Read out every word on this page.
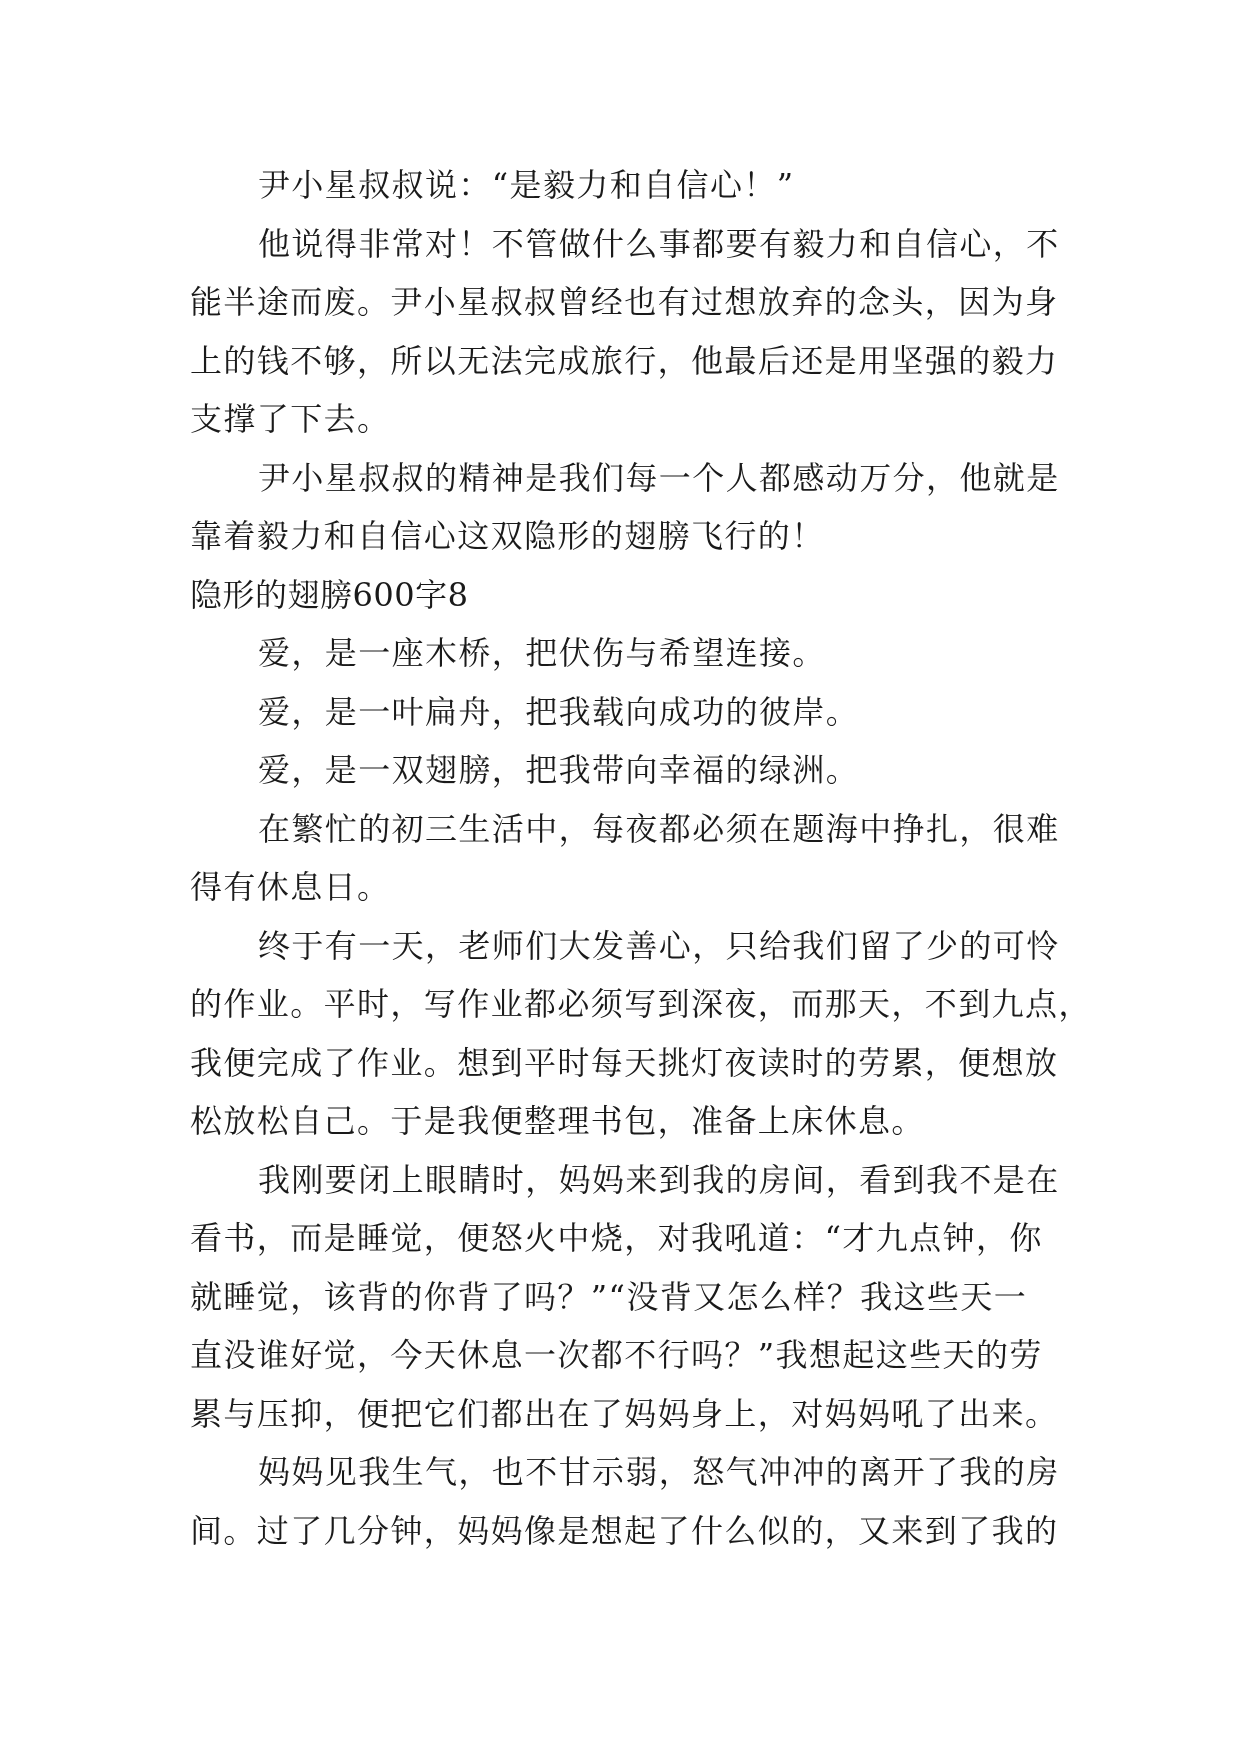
尹小星叔叔说：“是毅力和自信心！”
他说得非常对！不管做什么事都要有毅力和自信心，不
能半途而废。尹小星叔叔曾经也有过想放弃的念头，因为身
上的钱不够，所以无法完成旅行，他最后还是用坚强的毅力
支撑了下去。
尹小星叔叔的精神是我们每一个人都感动万分，他就是
靠着毅力和自信心这双隐形的翅膀飞行的！
隐形的翅膀600字8
爱，是一座木桥，把伏伤与希望连接。
爱，是一叶扁舟，把我载向成功的彼岸。
爱，是一双翅膀，把我带向幸福的绿洲。
在繁忙的初三生活中，每夜都必须在题海中挣扎，很难
得有休息日。
终于有一天，老师们大发善心，只给我们留了少的可怜
的作业。平时，写作业都必须写到深夜，而那天，不到九点，
我便完成了作业。想到平时每天挑灯夜读时的劳累，便想放
松放松自己。于是我便整理书包，准备上床休息。
我刚要闭上眼睛时，妈妈来到我的房间，看到我不是在
看书，而是睡觉，便怒火中烧，对我吼道：“才九点钟，你
就睡觉，该背的你背了吗？”“没背又怎么样？我这些天一
直没谁好觉，今天休息一次都不行吗？”我想起这些天的劳
累与压抑，便把它们都出在了妈妈身上，对妈妈吼了出来。
妈妈见我生气，也不甘示弱，怒气冲冲的离开了我的房
间。过了几分钟，妈妈像是想起了什么似的，又来到了我的
